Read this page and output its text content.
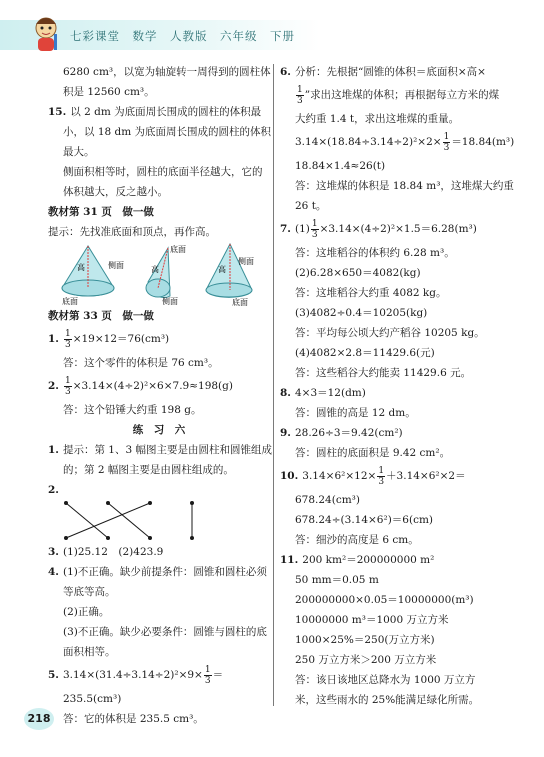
七彩课堂　数学　人教版　六年级　下册
6280 cm³，以宽为轴旋转一周得到的圆柱体
积是 12560 cm³。
15. 以 2 dm 为底面周长围成的圆柱的体积最
小，以 18 dm 为底面周长围成的圆柱的体积
最大。
侧面积相等时，圆柱的底面半径越大，它的
体积越大，反之越小。
教材第 31 页　做一做
提示：先找准底面和顶点，再作高。
高	侧面
底面
底面
高
侧面
侧面
高
底面
教材第 33 页　做一做
1. $\frac{1}{3} \times 19\times 12=76(cm^3)$
答：这个零件的体积是 76 cm³。
2. $\frac{1}{3} \times 3.14\times(4\div 2)^2\times 6\times 7.9\approx 198(g)$
答：这个铅锤大约重 198 g。
练　习　六
1. 提示：第 1、3 幅图主要是由圆柱和圆锥组成
的；第 2 幅图主要是由圆柱组成的。
2.
3. (1)25.12　(2)423.9
4. (1)不正确。缺少前提条件：圆锥和圆柱必须
等底等高。
(2)正确。
(3)不正确。缺少必要条件：圆锥与圆柱的底
面积相等。
5. $3.14\times(31.4\div 3.14\div 2)^2\times 9\times \frac{1}{3}$ ＝
235.5(cm³)
答：它的体积是 235.5 cm³。
6. 分析：先根据“圆锥的体积＝底面积×高×
$\frac{1}{3}$ ”求出这堆煤的体积；再根据每立方米的煤
大约重 1.4 t，求出这堆煤的重量。
$3.14\times(18.84\div 3.14\div 2)^2\times 2\times \frac{1}{3} =18.84(m^3)$
18.84×1.4≈26(t)
答：这堆煤的体积是 18.84 m³，这堆煤大约重
26 t。
7. $(1) \frac{1}{3} \times 3.14\times(4\div 2)^2\times 1.5=6.28(m^3)$
答：这堆稻谷的体积约 6.28 m³。
(2)6.28×650＝4082(kg)
答：这堆稻谷大约重 4082 kg。
(3)4082÷0.4＝10205(kg)
答：平均每公顷大约产稻谷 10205 kg。
(4)4082×2.8＝11429.6(元)
答：这些稻谷大约能卖 11429.6 元。
8. 4×3＝12(dm)
答：圆锥的高是 12 dm。
9. 28.26÷3＝9.42(cm²)
答：圆柱的底面积是 9.42 cm²。
10. $3.14\times 6^2\times 12\times \frac{1}{3} +3.14\times 6^2\times 2=$
678.24(cm³)
678.24÷(3.14×6²)＝6(cm)
答：细沙的高度是 6 cm。
11. 200 km²＝200000000 m²
50 mm＝0.05 m
200000000×0.05＝10000000(m³)
10000000 m³＝1000 万立方米
1000×25%＝250(万立方米)
250 万立方米＞200 万立方米
答：该日该地区总降水为 1000 万立方
米，这些雨水的 25%能满足绿化所需。
218
